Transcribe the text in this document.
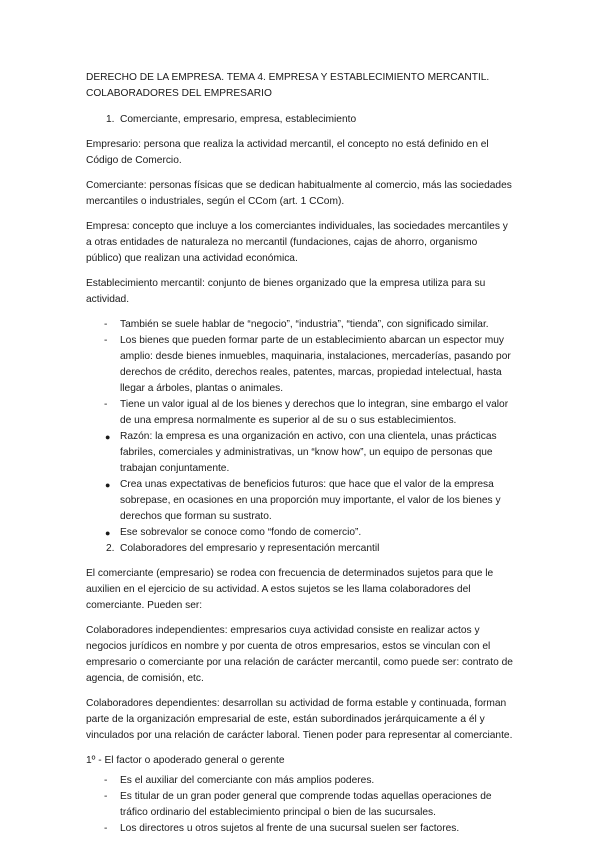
DERECHO DE LA EMPRESA. TEMA 4. EMPRESA Y ESTABLECIMIENTO MERCANTIL.
COLABORADORES DEL EMPRESARIO
1. Comerciante, empresario, empresa, establecimiento

Empresario: persona que realiza la actividad mercantil, el concepto no está definido en el Código de Comercio.

Comerciante: personas físicas que se dedican habitualmente al comercio, más las sociedades mercantiles o industriales, según el CCom (art. 1 CCom).

Empresa: concepto que incluye a los comerciantes individuales, las sociedades mercantiles y a otras entidades de naturaleza no mercantil (fundaciones, cajas de ahorro, organismo público) que realizan una actividad económica.

Establecimiento mercantil: conjunto de bienes organizado que la empresa utiliza para su actividad.

-	También se suele hablar de “negocio”, “industria”, “tienda”, con significado similar.
-	Los bienes que pueden formar parte de un establecimiento abarcan un espector muy amplio: desde bienes inmuebles, maquinaria, instalaciones, mercaderías, pasando por derechos de crédito, derechos reales, patentes, marcas, propiedad intelectual, hasta llegar a árboles, plantas o animales.
-	Tiene un valor igual al de los bienes y derechos que lo integran, sine embargo el valor de una empresa normalmente es superior al de su o sus establecimientos.
● Razón: la empresa es una organización en activo, con una clientela, unas prácticas fabriles, comerciales y administrativas, un “know how”, un equipo de personas que trabajan conjuntamente.
● Crea unas expectativas de beneficios futuros: que hace que el valor de la empresa sobrepase, en ocasiones en una proporción muy importante, el valor de los bienes y derechos que forman su sustrato.
● Ese sobrevalor se conoce como “fondo de comercio”.
2. Colaboradores del empresario y representación mercantil

El comerciante (empresario) se rodea con frecuencia de determinados sujetos para que le auxilien en el ejercicio de su actividad. A estos sujetos se les llama colaboradores del comerciante. Pueden ser:

Colaboradores independientes: empresarios cuya actividad consiste en realizar actos y negocios jurídicos en nombre y por cuenta de otros empresarios, estos se vinculan con el empresario o comerciante por una relación de carácter mercantil, como puede ser: contrato de agencia, de comisión, etc.

Colaboradores dependientes: desarrollan su actividad de forma estable y continuada, forman parte de la organización empresarial de este, están subordinados jerárquicamente a él y vinculados por una relación de carácter laboral. Tienen poder para representar al comerciante.

1º - El factor o apoderado general o gerente

-	Es el auxiliar del comerciante con más amplios poderes.
-	Es titular de un gran poder general que comprende todas aquellas operaciones de tráfico ordinario del establecimiento principal o bien de las sucursales.
-	Los directores u otros sujetos al frente de una sucursal suelen ser factores.
